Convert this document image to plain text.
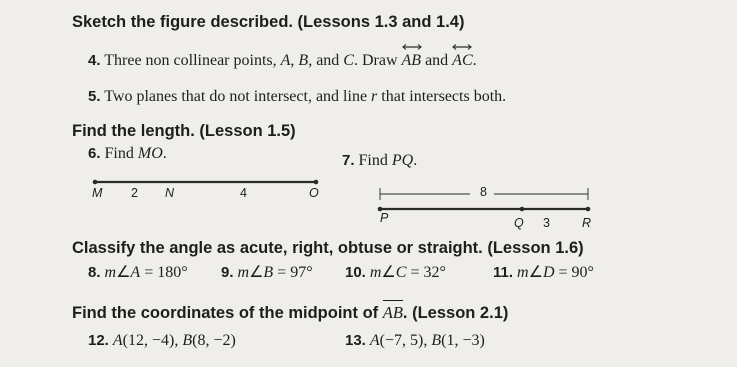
Sketch the figure described. (Lessons 1.3 and 1.4)
4. Three non collinear points, A, B, and C. Draw AB and AC.
5. Two planes that do not intersect, and line r that intersects both.
Find the length. (Lesson 1.5)
6. Find MO.	7. Find PQ.
M 2 N	4	O	8
P	Q 3	R
Classify the angle as acute, right, obtuse or straight. (Lesson 1.6)
8. m∠A = 180° 9. m∠B = 97° 10. m∠C = 32°	11. m∠D = 90°
Find the coordinates of the midpoint of AB. (Lesson 2.1)
12. A(12, −4), B(8, −2)	13. A(−7, 5), B(1, −3)
